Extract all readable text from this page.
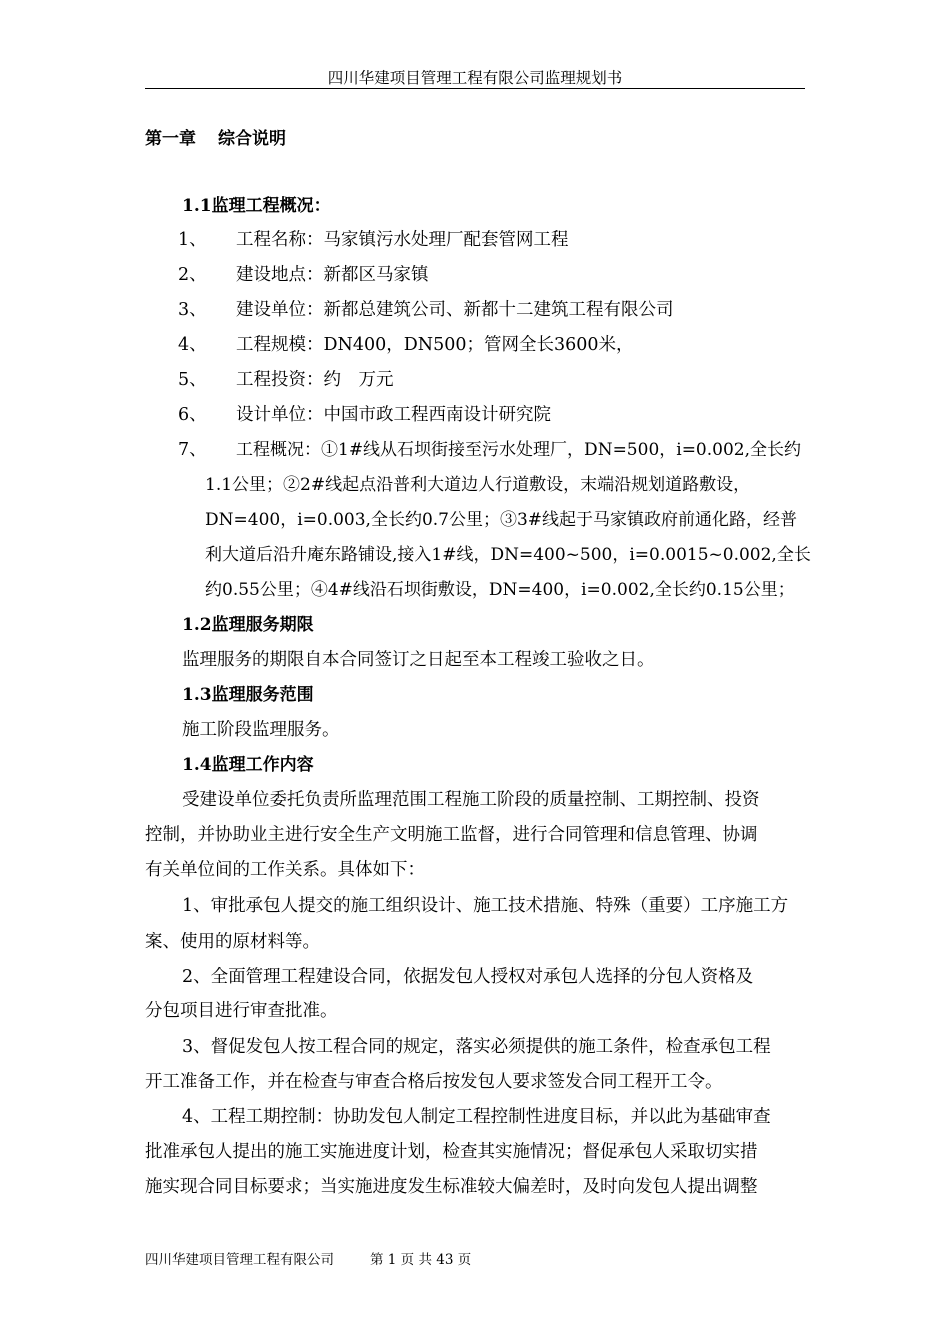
四川华建项目管理工程有限公司监理规划书
第一章 综合说明
1.1监理工程概况：
1、 工程名称：马家镇污水处理厂配套管网工程
2、 建设地点：新都区马家镇
3、 建设单位：新都总建筑公司、新都十二建筑工程有限公司
4、 工程规模：DN400，DN500；管网全长3600米，
5、 工程投资：约　万元
6、 设计单位：中国市政工程西南设计研究院
7、 工程概况：①1#线从石坝街接至污水处理厂，DN=500，i=0.002,全长约
1.1公里；②2#线起点沿普利大道边人行道敷设，末端沿规划道路敷设，
DN=400，i=0.003,全长约0.7公里；③3#线起于马家镇政府前通化路，经普
利大道后沿升庵东路铺设,接入1#线，DN=400~500，i=0.0015~0.002,全长
约0.55公里；④4#线沿石坝街敷设，DN=400，i=0.002,全长约0.15公里；
1.2监理服务期限
监理服务的期限自本合同签订之日起至本工程竣工验收之日。
1.3监理服务范围
施工阶段监理服务。
1.4监理工作内容
受建设单位委托负责所监理范围工程施工阶段的质量控制、工期控制、投资
控制，并协助业主进行安全生产文明施工监督，进行合同管理和信息管理、协调
有关单位间的工作关系。具体如下：
1、审批承包人提交的施工组织设计、施工技术措施、特殊（重要）工序施工方
案、使用的原材料等。
2、全面管理工程建设合同，依据发包人授权对承包人选择的分包人资格及
分包项目进行审查批准。
3、督促发包人按工程合同的规定，落实必须提供的施工条件，检查承包工程
开工准备工作，并在检查与审查合格后按发包人要求签发合同工程开工令。
4、工程工期控制：协助发包人制定工程控制性进度目标，并以此为基础审查
批准承包人提出的施工实施进度计划，检查其实施情况；督促承包人采取切实措
施实现合同目标要求；当实施进度发生标准较大偏差时，及时向发包人提出调整
四川华建项目管理工程有限公司	第 1 页 共 43 页
